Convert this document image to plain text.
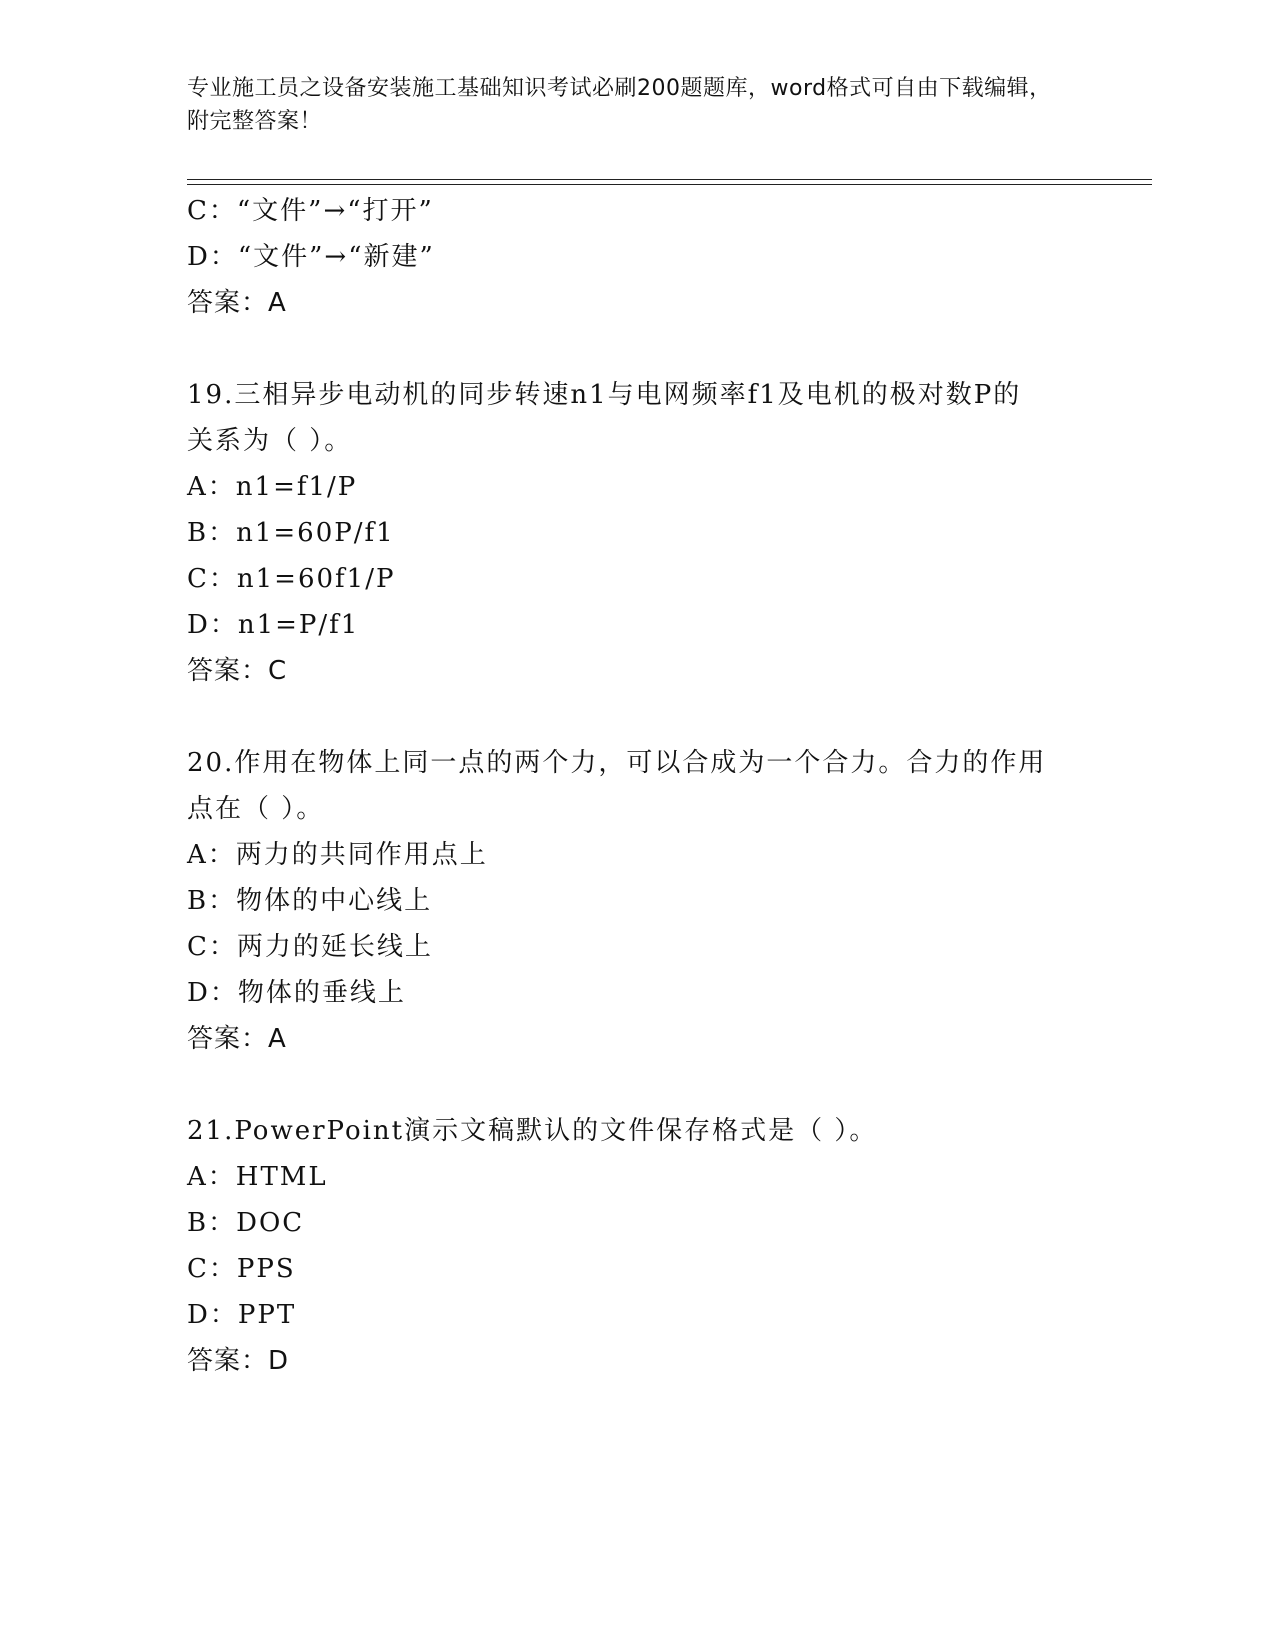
专业施工员之设备安装施工基础知识考试必刷200题题库，word格式可自由下载编辑，附完整答案！
C：“文件”→“打开”
D：“文件”→“新建”
答案：A
19.三相异步电动机的同步转速n1与电网频率f1及电机的极对数P的
关系为（ ）。
A：n1=f1/P
B：n1=60P/f1
C：n1=60f1/P
D：n1=P/f1
答案：C
20.作用在物体上同一点的两个力，可以合成为一个合力。合力的作用
点在（ ）。
A：两力的共同作用点上
B：物体的中心线上
C：两力的延长线上
D：物体的垂线上
答案：A
21.PowerPoint演示文稿默认的文件保存格式是（ ）。
A：HTML
B：DOC
C：PPS
D：PPT
答案：D
